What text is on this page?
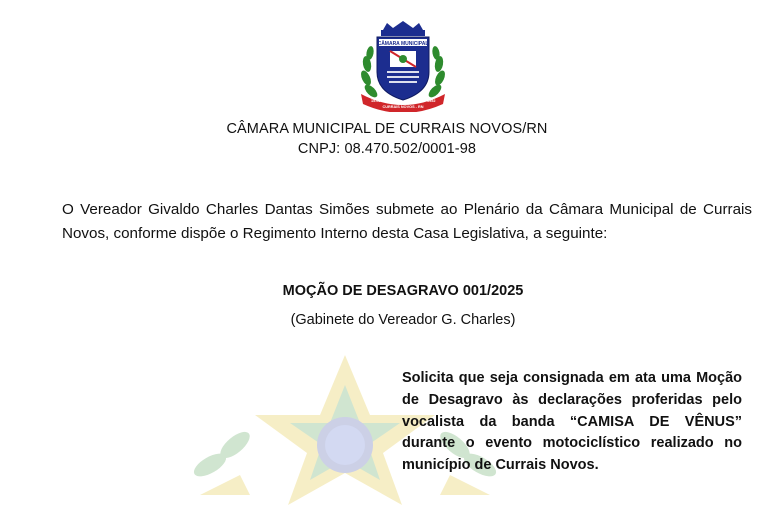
CÂMARA MUNICIPAL
15.08
CURRAIS NOVOS - RN
1952
CÂMARA MUNICIPAL DE CURRAIS NOVOS/RN
CNPJ: 08.470.502/0001-98
O Vereador Givaldo Charles Dantas Simões submete ao Plenário da Câmara Municipal de Currais Novos, conforme dispõe o Regimento Interno desta Casa Legislativa, a seguinte:
MOÇÃO DE DESAGRAVO 001/2025
(Gabinete do Vereador G. Charles)
Solicita que seja consignada em ata uma Moção de Desagravo às declarações proferidas pelo vocalista da banda “CAMISA DE VÊNUS” durante o evento motociclístico realizado no município de Currais Novos.
